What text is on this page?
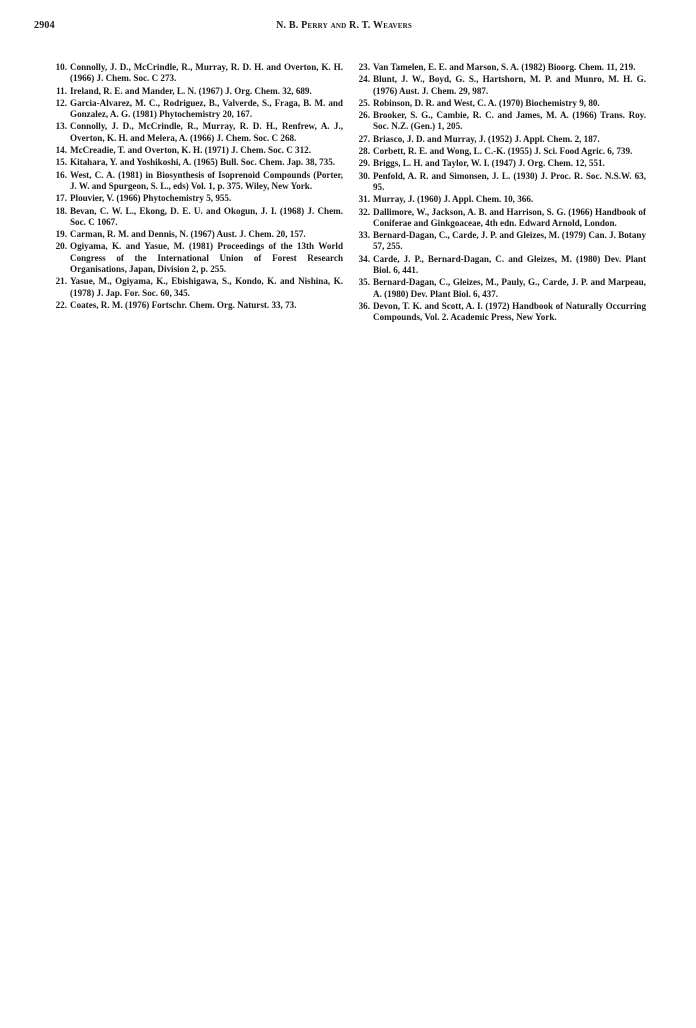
2904	N. B. Perry and R. T. Weavers
10. Connolly, J. D., McCrindle, R., Murray, R. D. H. and Overton, K. H. (1966) J. Chem. Soc. C 273.
11. Ireland, R. E. and Mander, L. N. (1967) J. Org. Chem. 32, 689.
12. Garcia-Alvarez, M. C., Rodriguez, B., Valverde, S., Fraga, B. M. and Gonzalez, A. G. (1981) Phytochemistry 20, 167.
13. Connolly, J. D., McCrindle, R., Murray, R. D. H., Renfrew, A. J., Overton, K. H. and Melera, A. (1966) J. Chem. Soc. C 268.
14. McCreadie, T. and Overton, K. H. (1971) J. Chem. Soc. C 312.
15. Kitahara, Y. and Yoshikoshi, A. (1965) Bull. Soc. Chem. Jap. 38, 735.
16. West, C. A. (1981) in Biosynthesis of Isoprenoid Compounds (Porter, J. W. and Spurgeon, S. L., eds) Vol. 1, p. 375. Wiley, New York.
17. Plouvier, V. (1966) Phytochemistry 5, 955.
18. Bevan, C. W. L., Ekong, D. E. U. and Okogun, J. I. (1968) J. Chem. Soc. C 1067.
19. Carman, R. M. and Dennis, N. (1967) Aust. J. Chem. 20, 157.
20. Ogiyama, K. and Yasue, M. (1981) Proceedings of the 13th World Congress of the International Union of Forest Research Organisations, Japan, Division 2, p. 255.
21. Yasue, M., Ogiyama, K., Ebishigawa, S., Kondo, K. and Nishina, K. (1978) J. Jap. For. Soc. 60, 345.
22. Coates, R. M. (1976) Fortschr. Chem. Org. Naturst. 33, 73.
23. Van Tamelen, E. E. and Marson, S. A. (1982) Bioorg. Chem. 11, 219.
24. Blunt, J. W., Boyd, G. S., Hartshorn, M. P. and Munro, M. H. G. (1976) Aust. J. Chem. 29, 987.
25. Robinson, D. R. and West, C. A. (1970) Biochemistry 9, 80.
26. Brooker, S. G., Cambie, R. C. and James, M. A. (1966) Trans. Roy. Soc. N.Z. (Gen.) 1, 205.
27. Briasco, J. D. and Murray, J. (1952) J. Appl. Chem. 2, 187.
28. Corbett, R. E. and Wong, L. C.-K. (1955) J. Sci. Food Agric. 6, 739.
29. Briggs, L. H. and Taylor, W. I. (1947) J. Org. Chem. 12, 551.
30. Penfold, A. R. and Simonsen, J. L. (1930) J. Proc. R. Soc. N.S.W. 63, 95.
31. Murray, J. (1960) J. Appl. Chem. 10, 366.
32. Dallimore, W., Jackson, A. B. and Harrison, S. G. (1966) Handbook of Coniferae and Ginkgoaceae, 4th edn. Edward Arnold, London.
33. Bernard-Dagan, C., Carde, J. P. and Gleizes, M. (1979) Can. J. Botany 57, 255.
34. Carde, J. P., Bernard-Dagan, C. and Gleizes, M. (1980) Dev. Plant Biol. 6, 441.
35. Bernard-Dagan, C., Gleizes, M., Pauly, G., Carde, J. P. and Marpeau, A. (1980) Dev. Plant Biol. 6, 437.
36. Devon, T. K. and Scott, A. I. (1972) Handbook of Naturally Occurring Compounds, Vol. 2. Academic Press, New York.
